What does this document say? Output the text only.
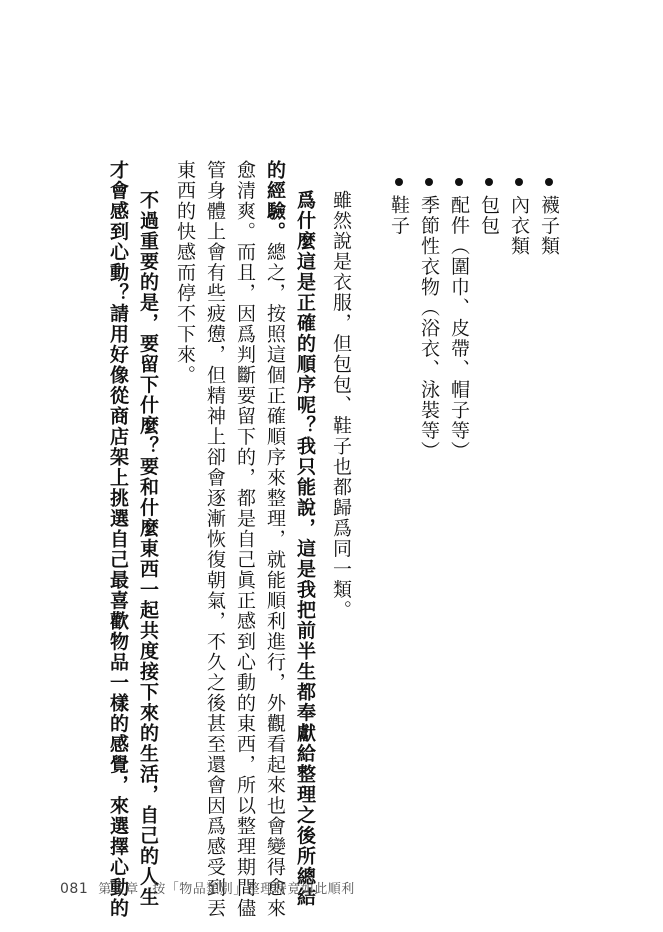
襪子類
內衣類
包包
配件（圍巾、皮帶、帽子等）
季節性衣物（浴衣、泳裝等）
鞋子
雖然說是衣服，但包包、鞋子也都歸爲同一類。
爲什麼這是正確的順序呢？我只能說，這是我把前半生都奉獻給整理之後所總結
的經驗。總之，按照這個正確順序來整理，就能順利進行，外觀看起來也會變得愈來
愈清爽。而且，因爲判斷要留下的，都是自己眞正感到心動的東西，所以整理期間儘
管身體上會有些疲憊，但精神上卻會逐漸恢復朝氣，不久之後甚至還會因爲感受到丟
東西的快感而停不下來。
不過重要的是，要留下什麼？要和什麼東西一起共度接下來的生活，自己的人生
才會感到心動？請用好像從商店架上挑選自己最喜歡物品一樣的感覺，來選擇心動的
081 第３章　按「物品類別」整理時竟如此順利
